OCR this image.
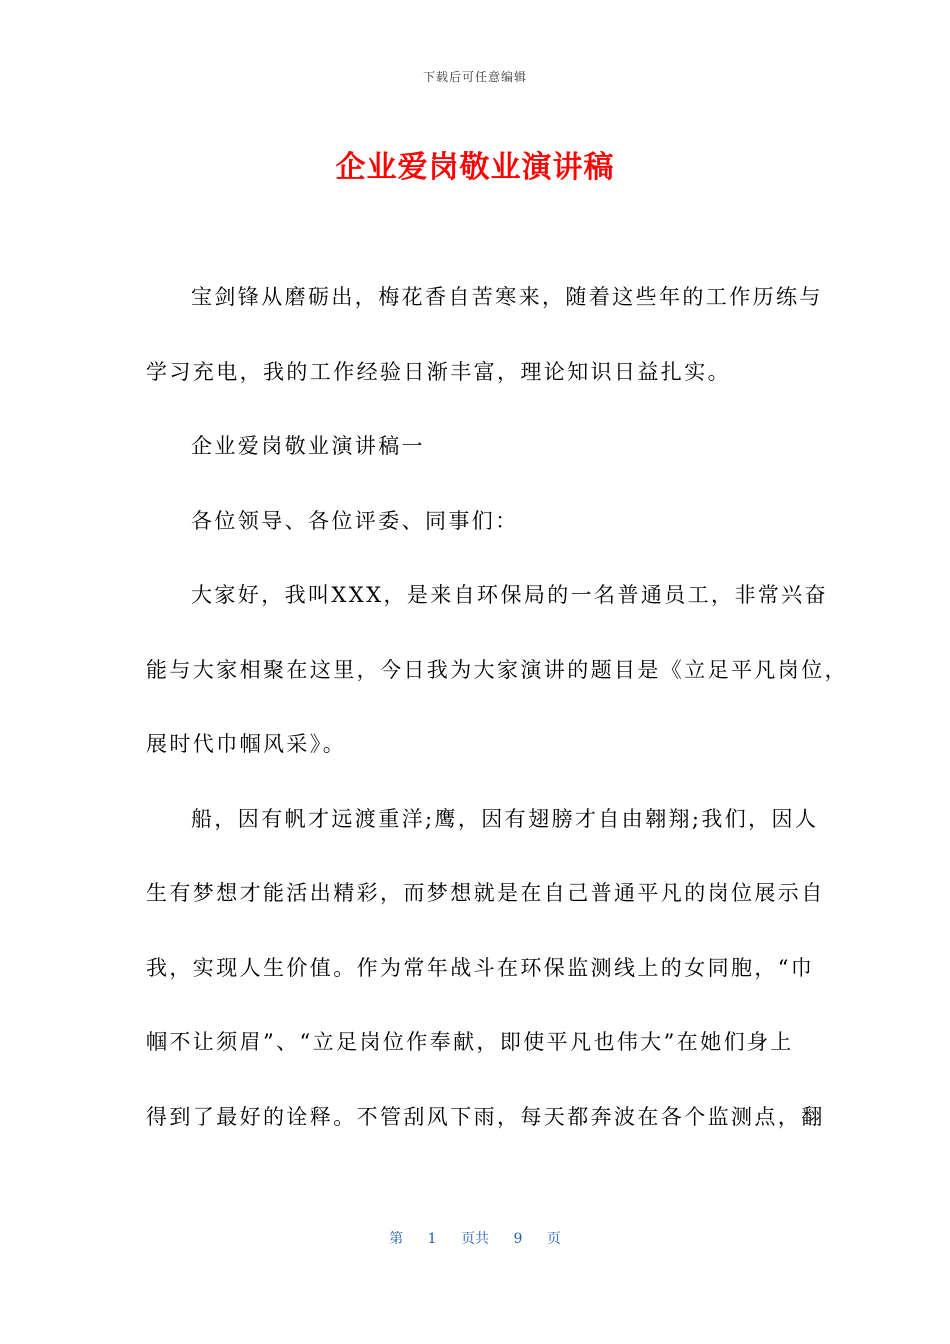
下载后可任意编辑
企业爱岗敬业演讲稿
宝剑锋从磨砺出，梅花香自苦寒来，随着这些年的工作历练与
学习充电，我的工作经验日渐丰富，理论知识日益扎实。
企业爱岗敬业演讲稿一
各位领导、各位评委、同事们：
大家好，我叫XXX，是来自环保局的一名普通员工，非常兴奋
能与大家相聚在这里，今日我为大家演讲的题目是《立足平凡岗位，
展时代巾帼风采》。
船，因有帆才远渡重洋;鹰，因有翅膀才自由翱翔;我们，因人
生有梦想才能活出精彩，而梦想就是在自己普通平凡的岗位展示自
我，实现人生价值。作为常年战斗在环保监测线上的女同胞，“巾
帼不让须眉”、“立足岗位作奉献，即使平凡也伟大”在她们身上
得到了最好的诠释。不管刮风下雨，每天都奔波在各个监测点，翻
第 1 页共 9 页
